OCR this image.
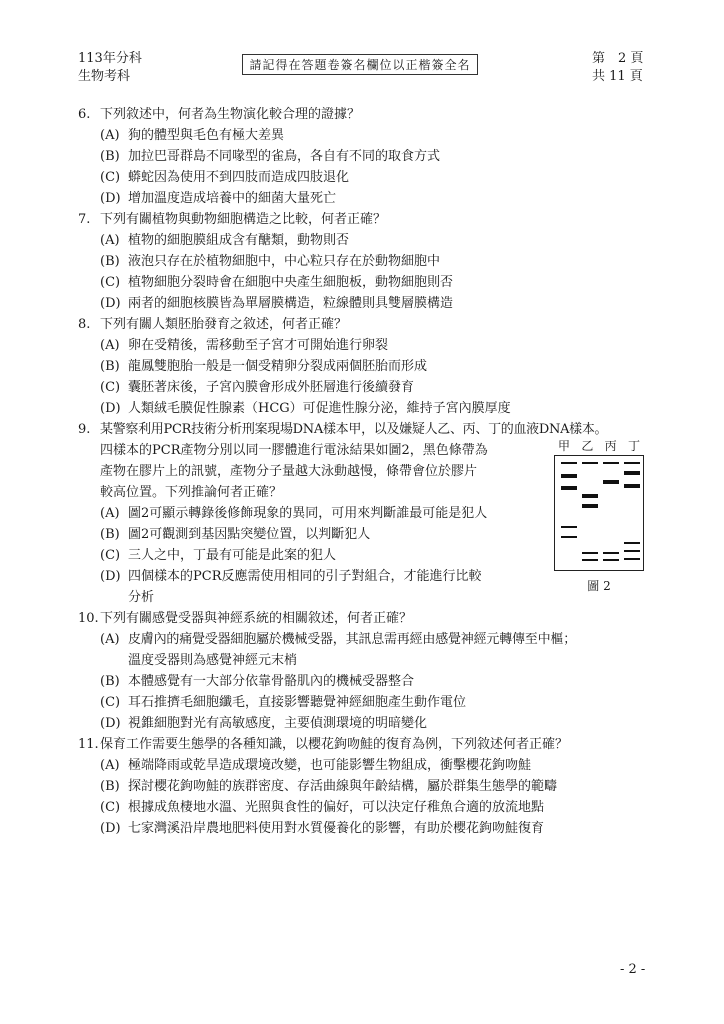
113年分科
生物考科
請記得在答題卷簽名欄位以正楷簽全名	第　2 頁
共 11 頁
6. 下列敘述中，何者為生物演化較合理的證據？
(A) 狗的體型與毛色有極大差異
(B) 加拉巴哥群島不同喙型的雀鳥，各自有不同的取食方式
(C) 蟒蛇因為使用不到四肢而造成四肢退化
(D) 增加溫度造成培養中的細菌大量死亡
7. 下列有關植物與動物細胞構造之比較，何者正確？
(A) 植物的細胞膜組成含有醣類，動物則否
(B) 液泡只存在於植物細胞中，中心粒只存在於動物細胞中
(C) 植物細胞分裂時會在細胞中央產生細胞板，動物細胞則否
(D) 兩者的細胞核膜皆為單層膜構造，粒線體則具雙層膜構造
8. 下列有關人類胚胎發育之敘述，何者正確？
(A) 卵在受精後，需移動至子宮才可開始進行卵裂
(B) 龍鳳雙胞胎一般是一個受精卵分裂成兩個胚胎而形成
(C) 囊胚著床後，子宮內膜會形成外胚層進行後續發育
(D) 人類絨毛膜促性腺素（HCG）可促進性腺分泌，維持子宮內膜厚度
9. 某警察利用PCR技術分析刑案現場DNA樣本甲，以及嫌疑人乙、丙、丁的血液DNA樣本。
四樣本的PCR產物分別以同一膠體進行電泳結果如圖2，黑色條帶為
產物在膠片上的訊號，產物分子量越大泳動越慢，條帶會位於膠片
較高位置。下列推論何者正確？
(A) 圖2可顯示轉錄後修飾現象的異同，可用來判斷誰最可能是犯人
(B) 圖2可觀測到基因點突變位置，以判斷犯人
(C) 三人之中，丁最有可能是此案的犯人
(D) 四個樣本的PCR反應需使用相同的引子對組合，才能進行比較
分析
甲 乙 丙 丁
圖 2
10. 下列有關感覺受器與神經系統的相關敘述，何者正確？
(A) 皮膚內的痛覺受器細胞屬於機械受器，其訊息需再經由感覺神經元轉傳至中樞；
溫度受器則為感覺神經元末梢
(B) 本體感覺有一大部分依靠骨骼肌內的機械受器整合
(C) 耳石推擠毛細胞纖毛，直接影響聽覺神經細胞產生動作電位
(D) 視錐細胞對光有高敏感度，主要偵測環境的明暗變化
11. 保育工作需要生態學的各種知識，以櫻花鉤吻鮭的復育為例，下列敘述何者正確？
(A) 極端降雨或乾旱造成環境改變，也可能影響生物組成，衝擊櫻花鉤吻鮭
(B) 探討櫻花鉤吻鮭的族群密度、存活曲線與年齡結構，屬於群集生態學的範疇
(C) 根據成魚棲地水溫、光照與食性的偏好，可以決定仔稚魚合適的放流地點
(D) 七家灣溪沿岸農地肥料使用對水質優養化的影響，有助於櫻花鉤吻鮭復育
- 2 -
